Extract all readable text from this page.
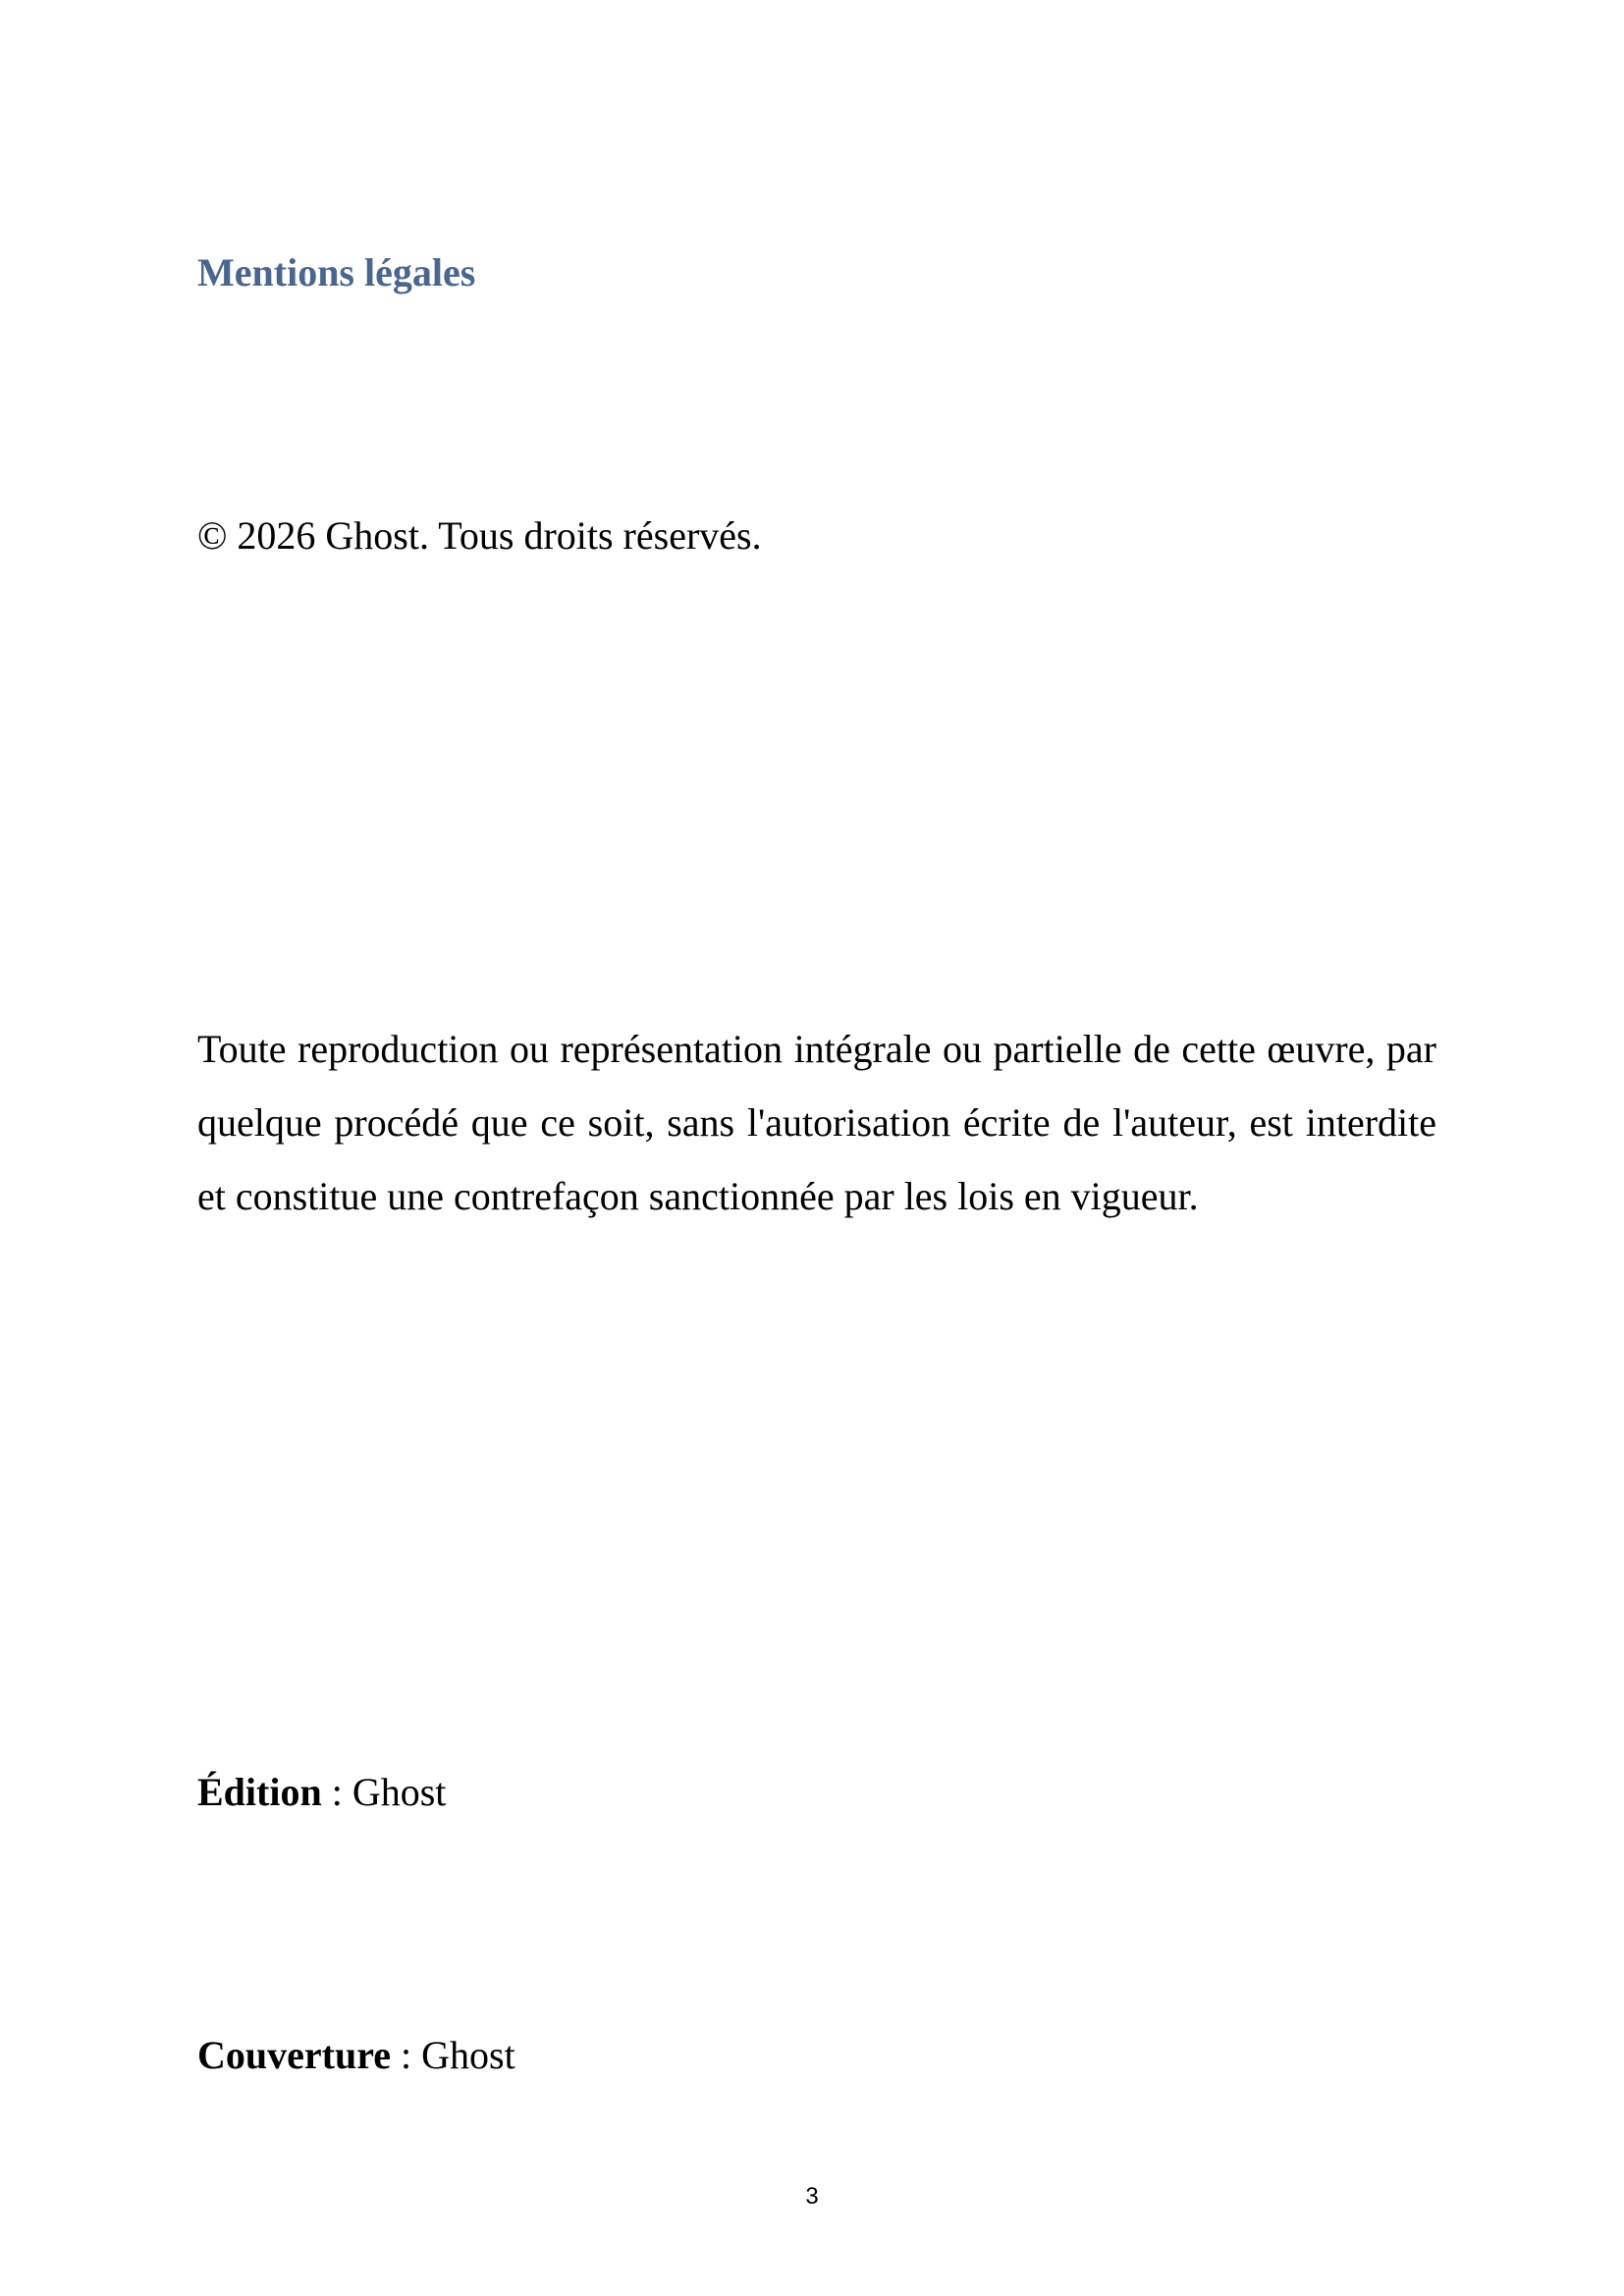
Mentions légales

© 2026 Ghost. Tous droits réservés.

Toute reproduction ou représentation intégrale ou partielle de cette œuvre, par quelque procédé que ce soit, sans l'autorisation écrite de l'auteur, est interdite et constitue une contrefaçon sanctionnée par les lois en vigueur.

Édition : Ghost

Couverture : Ghost

3
